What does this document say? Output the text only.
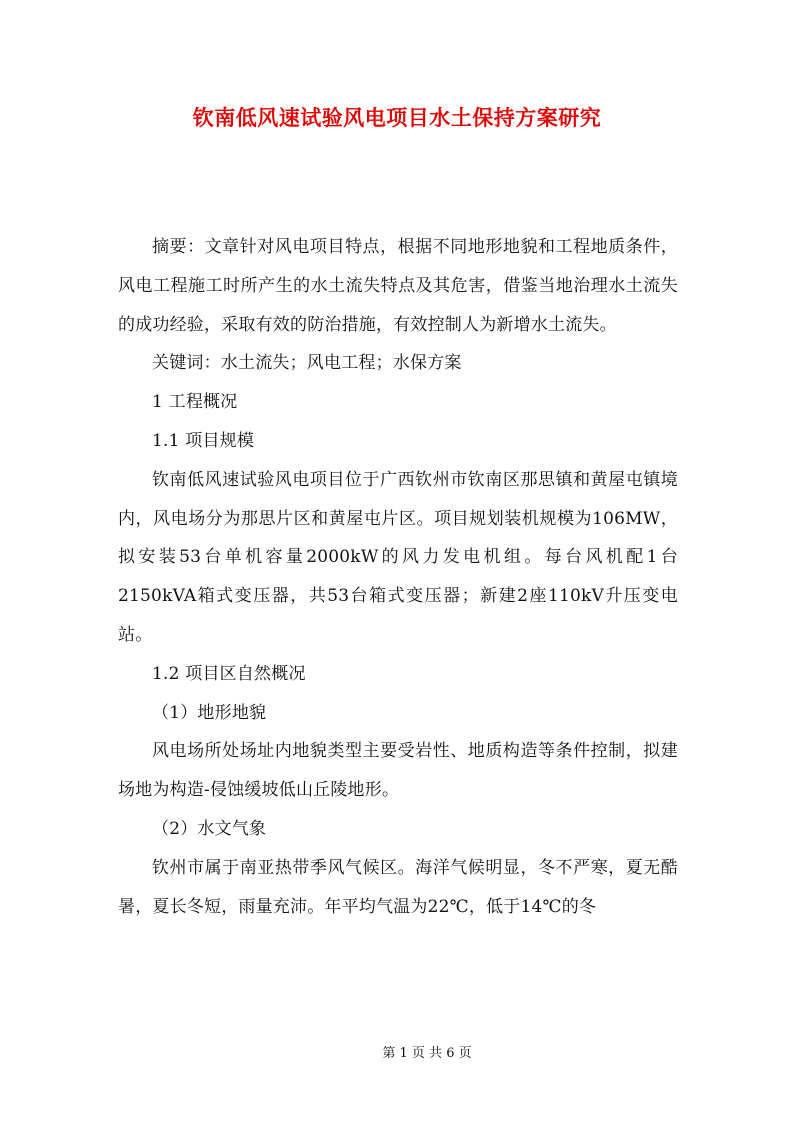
钦南低风速试验风电项目水土保持方案研究

摘要：文章针对风电项目特点，根据不同地形地貌和工程地质条件，风电工程施工时所产生的水土流失特点及其危害，借鉴当地治理水土流失的成功经验，采取有效的防治措施，有效控制人为新增水土流失。

关键词：水土流失；风电工程；水保方案

1 工程概况

1.1 项目规模

钦南低风速试验风电项目位于广西钦州市钦南区那思镇和黄屋屯镇境内，风电场分为那思片区和黄屋屯片区。项目规划装机规模为106MW，拟安装53台单机容量2000kW的风力发电机组。每台风机配1台2150kVA箱式变压器，共53台箱式变压器；新建2座110kV升压变电站。

1.2 项目区自然概况

（1）地形地貌

风电场所处场址内地貌类型主要受岩性、地质构造等条件控制，拟建场地为构造-侵蚀缓坡低山丘陵地形。

（2）水文气象

钦州市属于南亚热带季风气候区。海洋气候明显，冬不严寒，夏无酷暑，夏长冬短，雨量充沛。年平均气温为22℃，低于14℃的冬

第 1 页 共 6 页
